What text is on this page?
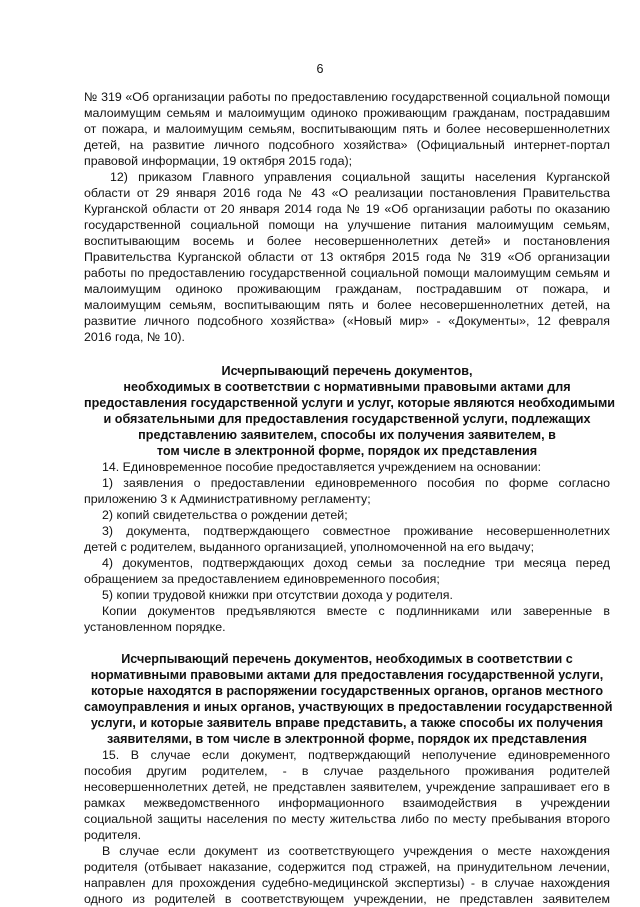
6
№ 319 «Об организации работы по предоставлению государственной социальной помощи
малоимущим семьям и малоимущим одиноко проживающим гражданам, пострадавшим
от пожара, и малоимущим семьям, воспитывающим пять и более несовершеннолетних
детей, на развитие личного подсобного хозяйства» (Официальный интернет-портал
правовой информации, 19 октября 2015 года);
12) приказом Главного управления социальной защиты населения Курганской
области от 29 января 2016 года № 43 «О реализации постановления Правительства
Курганской области от 20 января 2014 года № 19 «Об организации работы по оказанию
государственной социальной помощи на улучшение питания малоимущим семьям,
воспитывающим восемь и более несовершеннолетних детей» и постановления
Правительства Курганской области от 13 октября 2015 года № 319 «Об организации
работы по предоставлению государственной социальной помощи малоимущим семьям и
малоимущим одиноко проживающим гражданам, пострадавшим от пожара, и
малоимущим семьям, воспитывающим пять и более несовершеннолетних детей, на
развитие личного подсобного хозяйства» («Новый мир» - «Документы», 12 февраля
2016 года, № 10).
Исчерпывающий перечень документов,
необходимых в соответствии с нормативными правовыми актами для
предоставления государственной услуги и услуг, которые являются необходимыми
и обязательными для предоставления государственной услуги, подлежащих
представлению заявителем, способы их получения заявителем, в
том числе в электронной форме, порядок их представления
14. Единовременное пособие предоставляется учреждением на основании:
1) заявления о предоставлении единовременного пособия по форме согласно
приложению 3 к Административному регламенту;
2) копий свидетельства о рождении детей;
3) документа, подтверждающего совместное проживание несовершеннолетних
детей с родителем, выданного организацией, уполномоченной на его выдачу;
4) документов, подтверждающих доход семьи за последние три месяца перед
обращением за предоставлением единовременного пособия;
5) копии трудовой книжки при отсутствии дохода у родителя.
Копии документов предъявляются вместе с подлинниками или заверенные в
установленном порядке.
Исчерпывающий перечень документов, необходимых в соответствии с
нормативными правовыми актами для предоставления государственной услуги,
которые находятся в распоряжении государственных органов, органов местного
самоуправления и иных органов, участвующих в предоставлении государственной
услуги, и которые заявитель вправе представить, а также способы их получения
заявителями, в том числе в электронной форме, порядок их представления
15. В случае если документ, подтверждающий неполучение единовременного
пособия другим родителем, - в случае раздельного проживания родителей
несовершеннолетних детей, не представлен заявителем, учреждение запрашивает его в
рамках межведомственного информационного взаимодействия в учреждении
социальной защиты населения по месту жительства либо по месту пребывания второго
родителя.
В случае если документ из соответствующего учреждения о месте нахождения
родителя (отбывает наказание, содержится под стражей, на принудительном лечении,
направлен для прохождения судебно-медицинской экспертизы) - в случае нахождения
одного из родителей в соответствующем учреждении, не представлен заявителем
